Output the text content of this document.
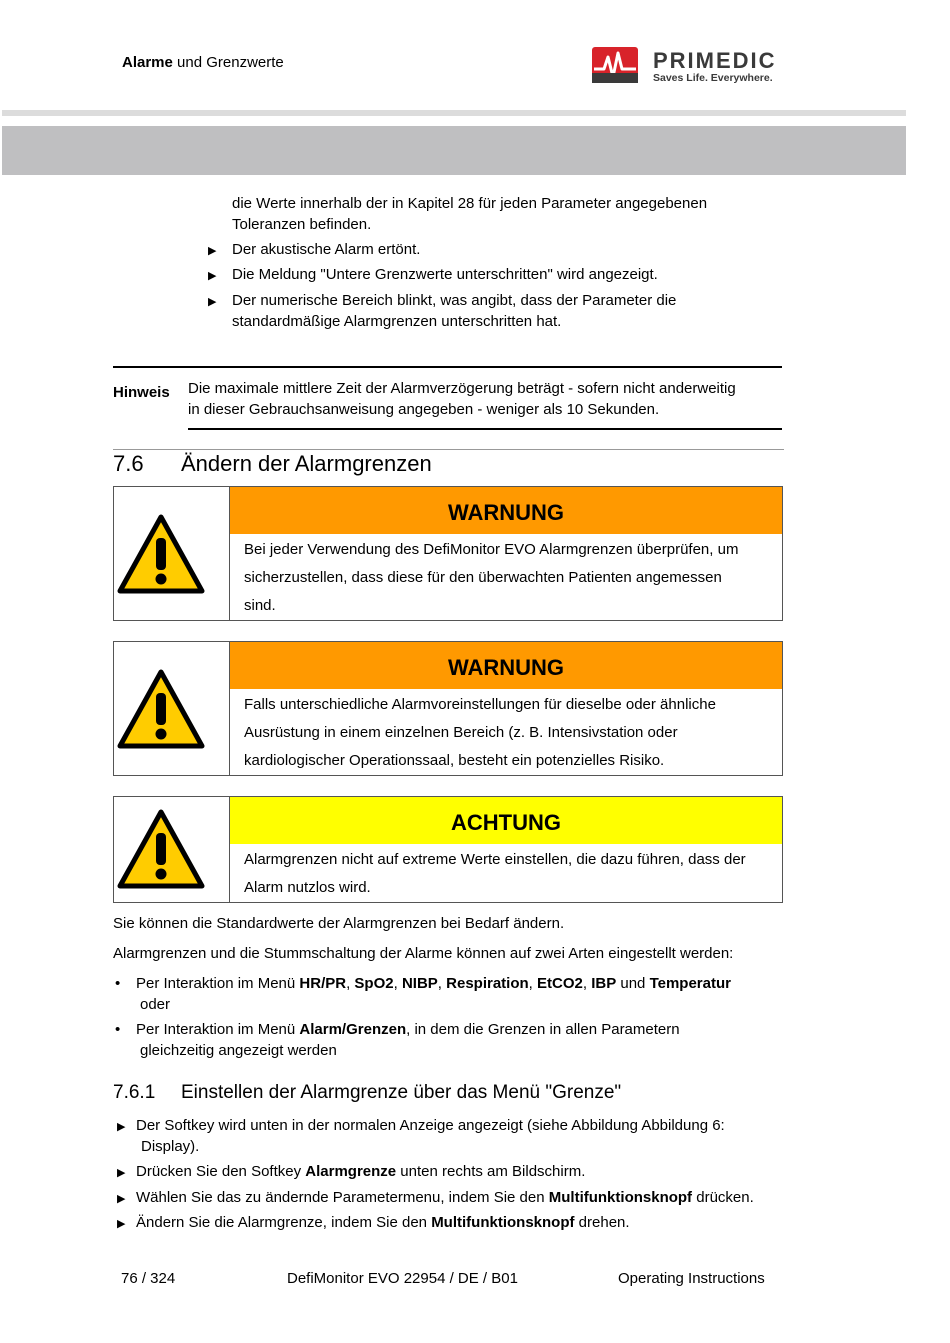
Alarme und Grenzwerte	PRIMEDIC
Saves Life. Everywhere.
die Werte innerhalb der in Kapitel 28 für jeden Parameter angegebenen
Toleranzen befinden.
▶ Der akustische Alarm ertönt.
▶ Die Meldung "Untere Grenzwerte unterschritten" wird angezeigt.
▶ Der numerische Bereich blinkt, was angibt, dass der Parameter die
standardmäßige Alarmgrenzen unterschritten hat.
Hinweis Die maximale mittlere Zeit der Alarmverzögerung beträgt - sofern nicht anderweitig
in dieser Gebrauchsanweisung angegeben - weniger als 10 Sekunden.
7.6 Ändern der Alarmgrenzen
WARNUNG
Bei jeder Verwendung des DefiMonitor EVO Alarmgrenzen überprüfen, um
sicherzustellen, dass diese für den überwachten Patienten angemessen
sind.
WARNUNG
Falls unterschiedliche Alarmvoreinstellungen für dieselbe oder ähnliche
Ausrüstung in einem einzelnen Bereich (z. B. Intensivstation oder
kardiologischer Operationssaal, besteht ein potenzielles Risiko.
ACHTUNG
Alarmgrenzen nicht auf extreme Werte einstellen, die dazu führen, dass der
Alarm nutzlos wird.
Sie können die Standardwerte der Alarmgrenzen bei Bedarf ändern.
Alarmgrenzen und die Stummschaltung der Alarme können auf zwei Arten eingestellt werden:
• Per Interaktion im Menü HR/PR, SpO2, NIBP, Respiration, EtCO2, IBP und Temperatur
oder
• Per Interaktion im Menü Alarm/Grenzen, in dem die Grenzen in allen Parametern
gleichzeitig angezeigt werden
7.6.1 Einstellen der Alarmgrenze über das Menü "Grenze"
▶ Der Softkey wird unten in der normalen Anzeige angezeigt (siehe Abbildung Abbildung 6:
Display).
▶ Drücken Sie den Softkey Alarmgrenze unten rechts am Bildschirm.
▶ Wählen Sie das zu ändernde Parametermenu, indem Sie den Multifunktionsknopf drücken.
▶ Ändern Sie die Alarmgrenze, indem Sie den Multifunktionsknopf drehen.
76 / 324	DefiMonitor EVO 22954 / DE / B01	Operating Instructions
